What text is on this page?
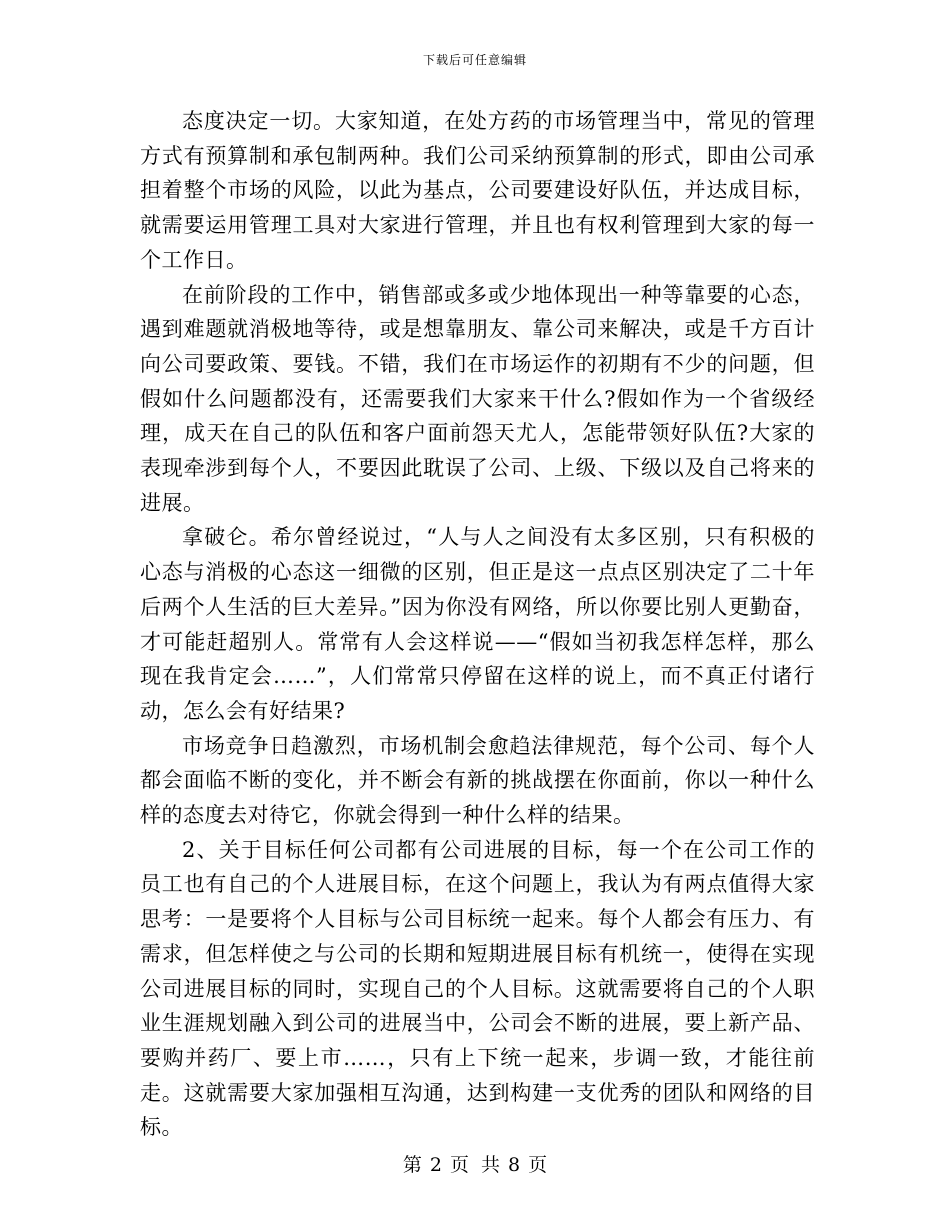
下载后可任意编辑

态度决定一切。大家知道，在处方药的市场管理当中，常见的管理方式有预算制和承包制两种。我们公司采纳预算制的形式，即由公司承担着整个市场的风险，以此为基点，公司要建设好队伍，并达成目标，就需要运用管理工具对大家进行管理，并且也有权利管理到大家的每一个工作日。

在前阶段的工作中，销售部或多或少地体现出一种等靠要的心态，遇到难题就消极地等待，或是想靠朋友、靠公司来解决，或是千方百计向公司要政策、要钱。不错，我们在市场运作的初期有不少的问题，但假如什么问题都没有，还需要我们大家来干什么?假如作为一个省级经理，成天在自己的队伍和客户面前怨天尤人，怎能带领好队伍?大家的表现牵涉到每个人，不要因此耽误了公司、上级、下级以及自己将来的进展。

拿破仑。希尔曾经说过，“人与人之间没有太多区别，只有积极的心态与消极的心态这一细微的区别，但正是这一点点区别决定了二十年后两个人生活的巨大差异。”因为你没有网络，所以你要比别人更勤奋，才可能赶超别人。常常有人会这样说——“假如当初我怎样怎样，那么现在我肯定会……”，人们常常只停留在这样的说上，而不真正付诸行动，怎么会有好结果?

市场竞争日趋激烈，市场机制会愈趋法律规范，每个公司、每个人都会面临不断的变化，并不断会有新的挑战摆在你面前，你以一种什么样的态度去对待它，你就会得到一种什么样的结果。

2、关于目标任何公司都有公司进展的目标，每一个在公司工作的员工也有自己的个人进展目标，在这个问题上，我认为有两点值得大家思考：一是要将个人目标与公司目标统一起来。每个人都会有压力、有需求，但怎样使之与公司的长期和短期进展目标有机统一，使得在实现公司进展目标的同时，实现自己的个人目标。这就需要将自己的个人职业生涯规划融入到公司的进展当中，公司会不断的进展，要上新产品、要购并药厂、要上市……，只有上下统一起来，步调一致，才能往前走。这就需要大家加强相互沟通，达到构建一支优秀的团队和网络的目标。

第 2 页 共 8 页
